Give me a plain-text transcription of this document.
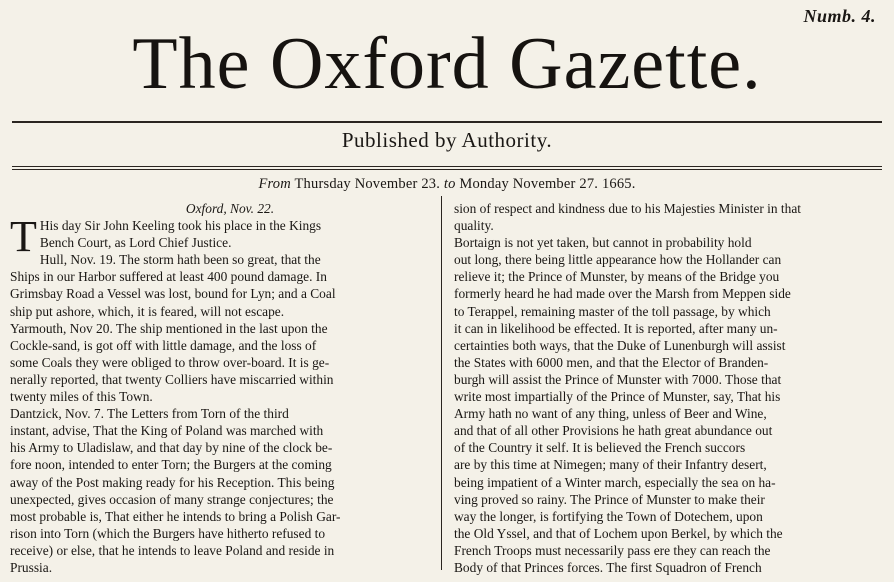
Numb. 4.
The Oxford Gazette.
Published by Authority.
From Thursday November 23. to Monday November 27. 1665.
Oxford, Nov. 22.
T His day Sir John Keeling took his place in the Kings
Bench Court, as Lord Chief Justice.
Hull, Nov. 19. The storm hath been so great, that the
Ships in our Harbor suffered at least 400 pound damage. In
Grimsbay Road a Vessel was lost, bound for Lyn; and a Coal
ship put ashore, which, it is feared, will not escape.
Yarmouth, Nov 20. The ship mentioned in the last upon the
Cockle-sand, is got off with little damage, and the loss of
some Coals they were obliged to throw over-board. It is ge-
nerally reported, that twenty Colliers have miscarried within
twenty miles of this Town.
Dantzick, Nov. 7. The Letters from Torn of the third
instant, advise, That the King of Poland was marched with
his Army to Uladislaw, and that day by nine of the clock be-
fore noon, intended to enter Torn; the Burgers at the coming
away of the Post making ready for his Reception. This being
unexpected, gives occasion of many strange conjectures; the
most probable is, That either he intends to bring a Polish Gar-
rison into Torn (which the Burgers have hitherto refused to
receive) or else, that he intends to leave Poland and reside in
Prussia.
sion of respect and kindness due to his Majesties Minister in that
quality.
Bortaign is not yet taken, but cannot in probability hold
out long, there being little appearance how the Hollander can
relieve it; the Prince of Munster, by means of the Bridge you
formerly heard he had made over the Marsh from Meppen side
to Terappel, remaining master of the toll passage, by which
it can in likelihood be effected. It is reported, after many un-
certainties both ways, that the Duke of Lunenburgh will assist
the States with 6000 men, and that the Elector of Branden-
burgh will assist the Prince of Munster with 7000. Those that
write most impartially of the Prince of Munster, say, That his
Army hath no want of any thing, unless of Beer and Wine,
and that of all other Provisions he hath great abundance out
of the Country it self. It is believed the French succors
are by this time at Nimegen; many of their Infantry desert,
being impatient of a Winter march, especially the sea on ha-
ving proved so rainy. The Prince of Munster to make their
way the longer, is fortifying the Town of Dotechem, upon
the Old Yssel, and that of Lochem upon Berkel, by which the
French Troops must necessarily pass ere they can reach the
Body of that Princes forces. The first Squadron of French
